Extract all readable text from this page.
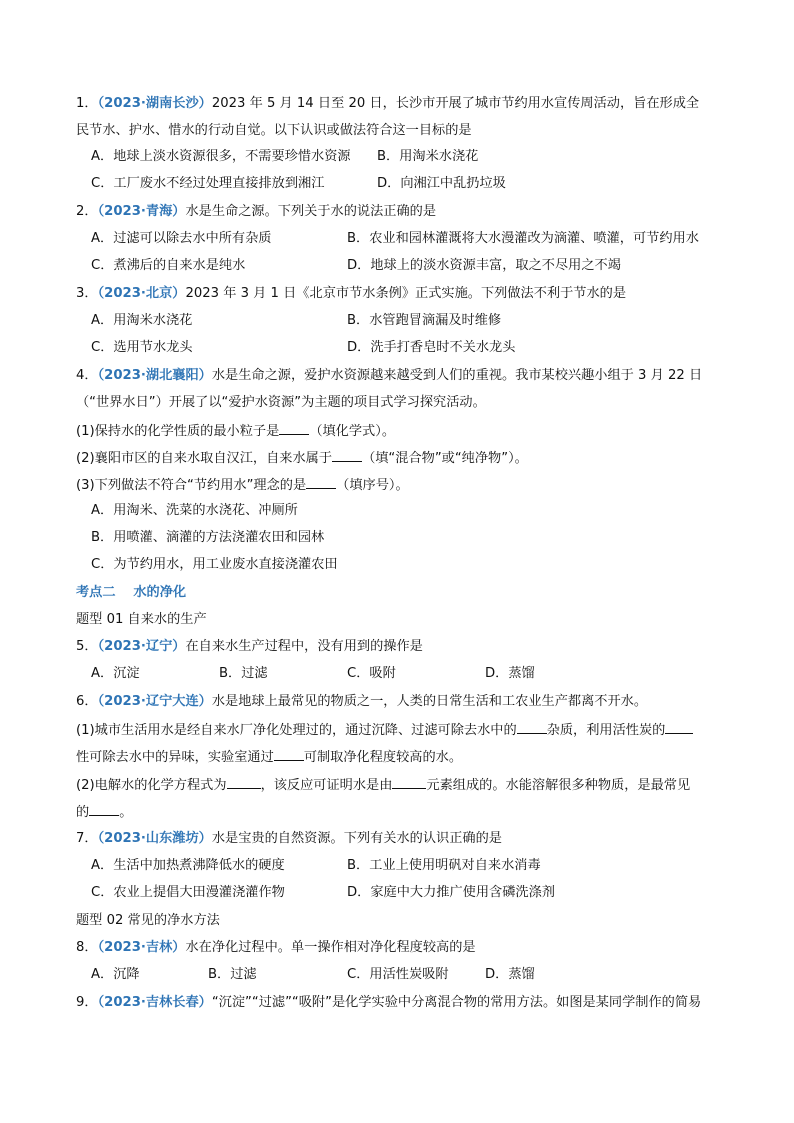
1．（2023·湖南长沙）2023 年 5 月 14 日至 20 日，长沙市开展了城市节约用水宣传周活动，旨在形成全
民节水、护水、惜水的行动自觉。以下认识或做法符合这一目标的是
A．地球上淡水资源很多，不需要珍惜水资源 B．用淘米水浇花
C．工厂废水不经过处理直接排放到湘江	D．向湘江中乱扔垃圾
2．（2023·青海）水是生命之源。下列关于水的说法正确的是
A．过滤可以除去水中所有杂质	B．农业和园林灌溉将大水漫灌改为滴灌、喷灌，可节约用水
C．煮沸后的自来水是纯水	D．地球上的淡水资源丰富，取之不尽用之不竭
3．（2023·北京）2023 年 3 月 1 日《北京市节水条例》正式实施。下列做法不利于节水的是
A．用淘米水浇花	B．水管跑冒滴漏及时维修
C．选用节水龙头	D．洗手打香皂时不关水龙头
4．（2023·湖北襄阳）水是生命之源，爱护水资源越来越受到人们的重视。我市某校兴趣小组于 3 月 22 日
（“世界水日”）开展了以“爱护水资源”为主题的项目式学习探究活动。
(1)保持水的化学性质的最小粒子是 （填化学式）。
(2)襄阳市区的自来水取自汉江，自来水属于 （填“混合物”或“纯净物”）。
(3)下列做法不符合“节约用水”理念的是 （填序号）。
A．用淘米、洗菜的水浇花、冲厕所
B．用喷灌、滴灌的方法浇灌农田和园林
C．为节约用水，用工业废水直接浇灌农田
考点二　 水的净化
题型 01 自来水的生产
5．（2023·辽宁）在自来水生产过程中，没有用到的操作是
A．沉淀	B．过滤	C．吸附	D．蒸馏
6．（2023·辽宁大连）水是地球上最常见的物质之一，人类的日常生活和工农业生产都离不开水。
(1)城市生活用水是经自来水厂净化处理过的，通过沉降、过滤可除去水中的 杂质，利用活性炭的
性可除去水中的异味，实验室通过 可制取净化程度较高的水。
(2)电解水的化学方程式为	，该反应可证明水是由	元素组成的。水能溶解很多种物质，是最常见
的 。
7．（2023·山东潍坊）水是宝贵的自然资源。下列有关水的认识正确的是
A．生活中加热煮沸降低水的硬度	B．工业上使用明矾对自来水消毒
C．农业上提倡大田漫灌浇灌作物	D．家庭中大力推广使用含磷洗涤剂
题型 02 常见的净水方法
8．（2023·吉林）水在净化过程中。单一操作相对净化程度较高的是
A．沉降	B．过滤	C．用活性炭吸附	D．蒸馏
9．（2023·吉林长春）“沉淀”“过滤”“吸附”是化学实验中分离混合物的常用方法。如图是某同学制作的简易
